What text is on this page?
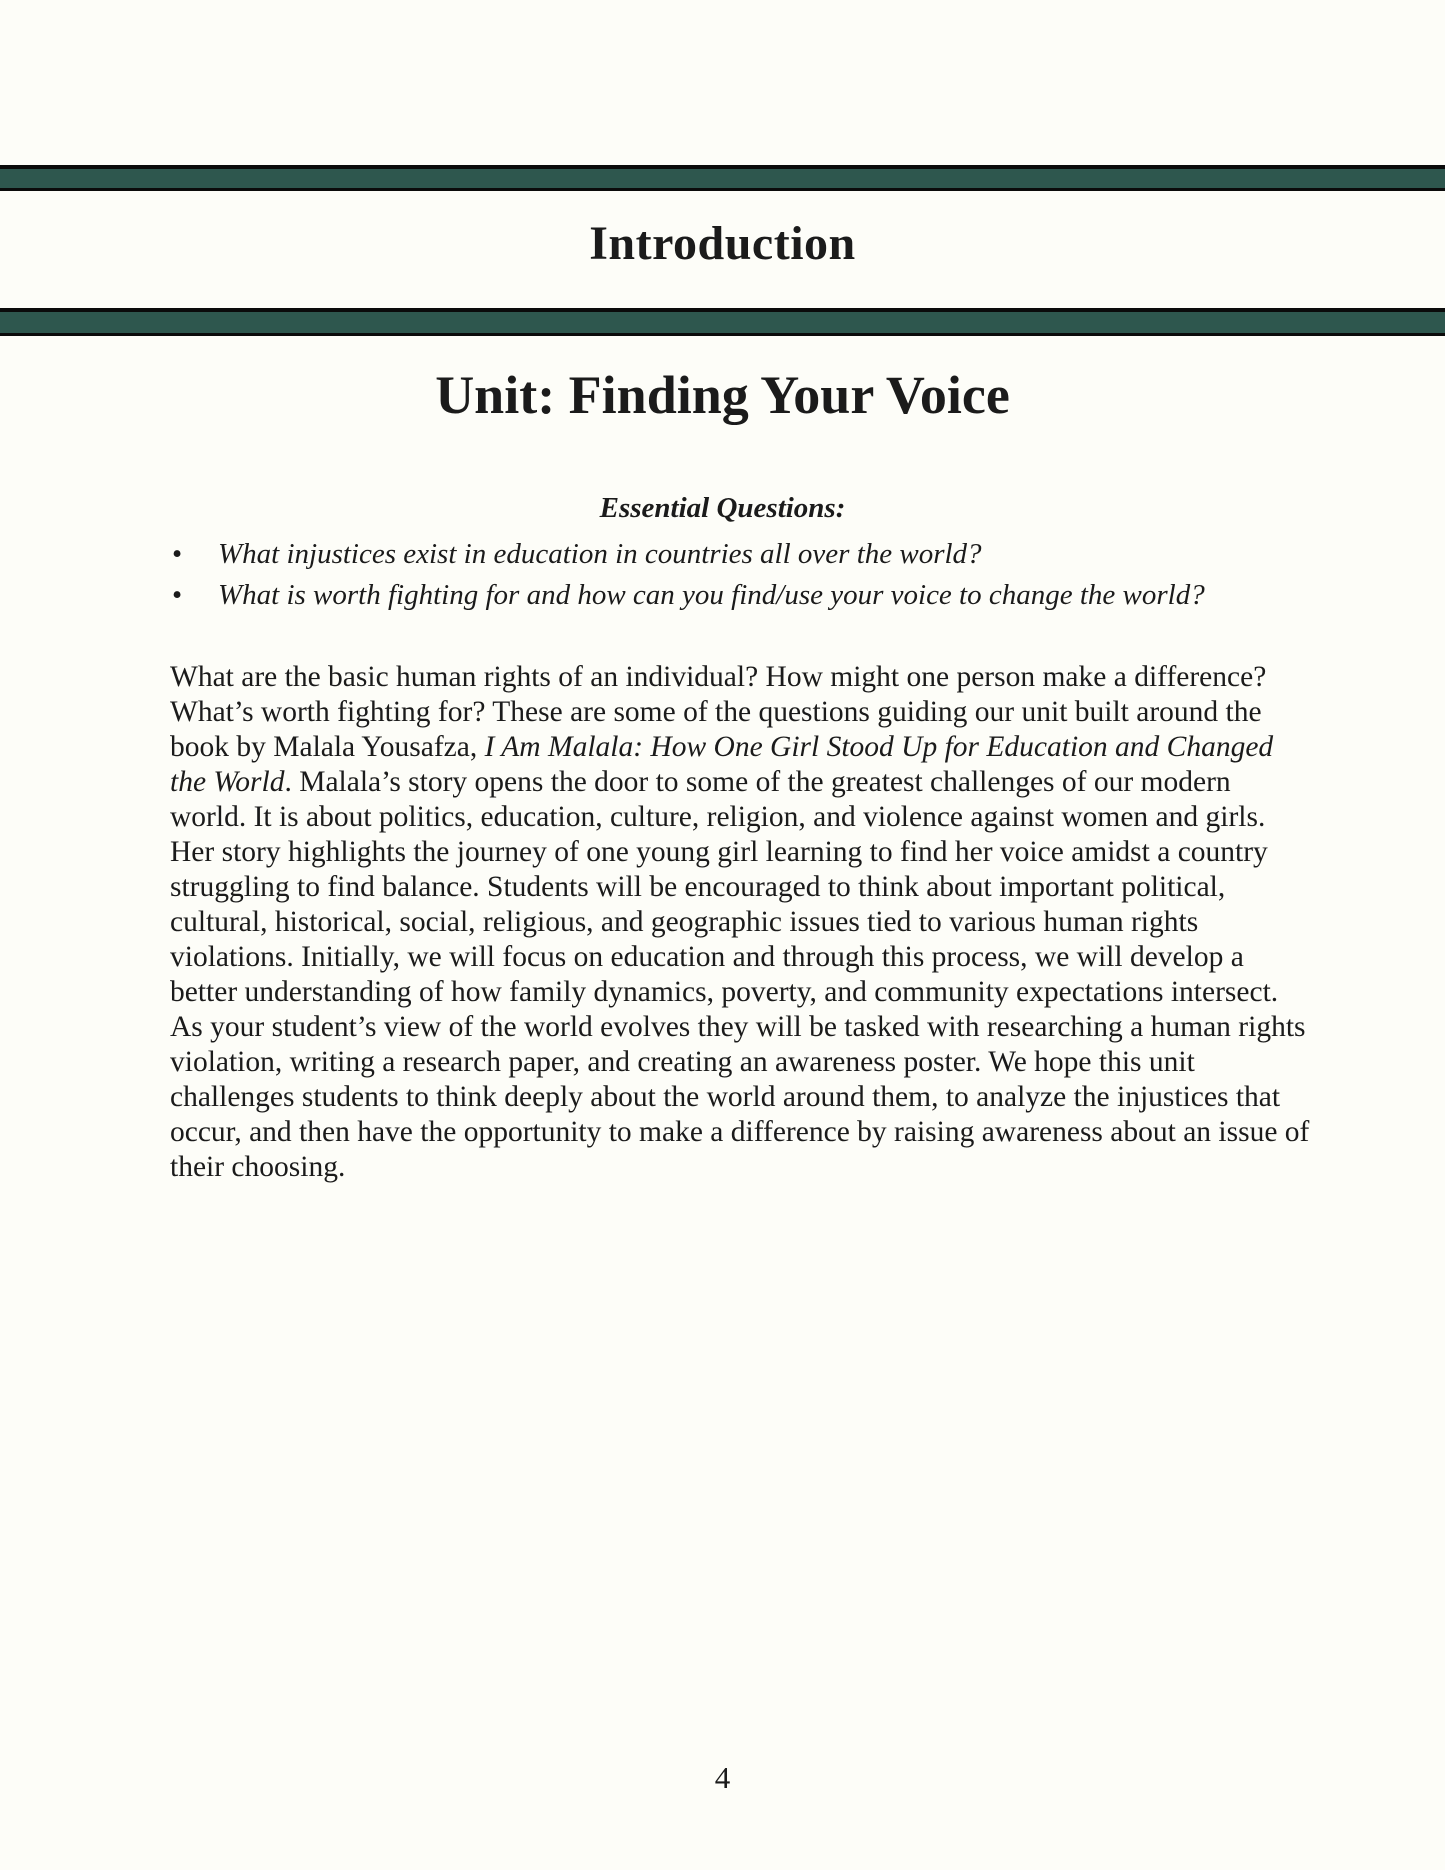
Introduction
Unit: Finding Your Voice

Essential Questions:

• What injustices exist in education in countries all over the world?
• What is worth fighting for and how can you find/use your voice to change the world?

What are the basic human rights of an individual? How might one person make a difference? What’s worth fighting for? These are some of the questions guiding our unit built around the book by Malala Yousafza, I Am Malala: How One Girl Stood Up for Education and Changed the World. Malala’s story opens the door to some of the greatest challenges of our modern world. It is about politics, education, culture, religion, and violence against women and girls. Her story highlights the journey of one young girl learning to find her voice amidst a country struggling to find balance. Students will be encouraged to think about important political, cultural, historical, social, religious, and geographic issues tied to various human rights violations. Initially, we will focus on education and through this process, we will develop a better understanding of how family dynamics, poverty, and community expectations intersect. As your student’s view of the world evolves they will be tasked with researching a human rights violation, writing a research paper, and creating an awareness poster. We hope this unit challenges students to think deeply about the world around them, to analyze the injustices that occur, and then have the opportunity to make a difference by raising awareness about an issue of their choosing.

4
